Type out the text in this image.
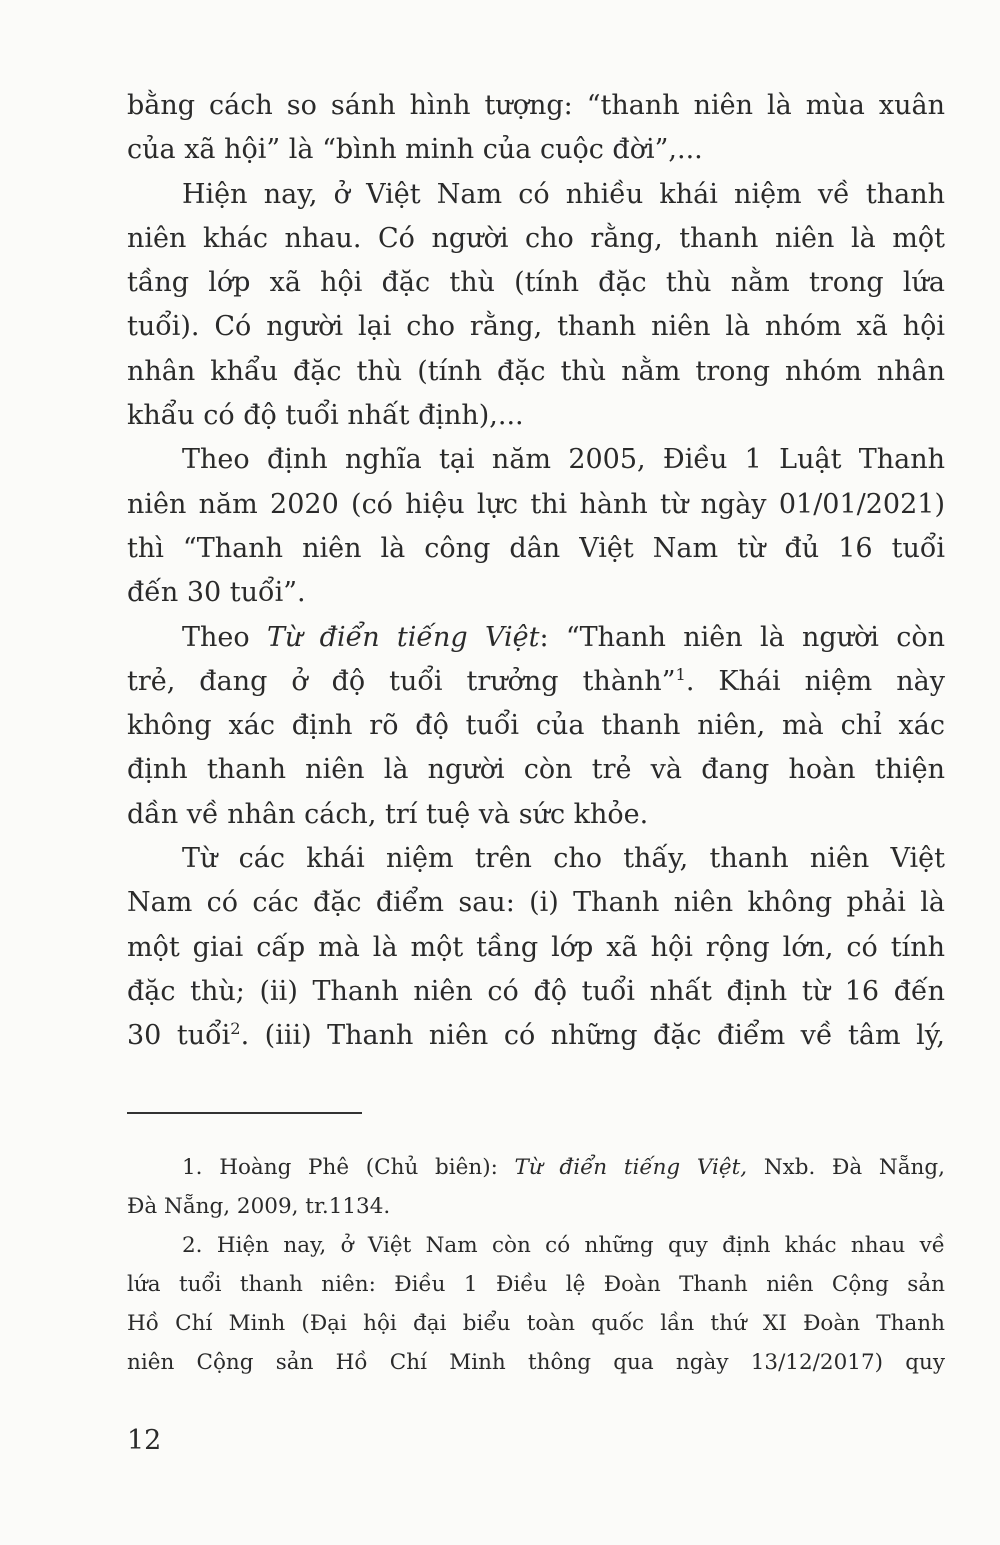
bằng cách so sánh hình tượng: “thanh niên là mùa xuân
của xã hội” là “bình minh của cuộc đời”,...
Hiện nay, ở Việt Nam có nhiều khái niệm về thanh
niên khác nhau. Có người cho rằng, thanh niên là một
tầng lớp xã hội đặc thù (tính đặc thù nằm trong lứa
tuổi). Có người lại cho rằng, thanh niên là nhóm xã hội
nhân khẩu đặc thù (tính đặc thù nằm trong nhóm nhân
khẩu có độ tuổi nhất định),...
Theo định nghĩa tại năm 2005, Điều 1 Luật Thanh
niên năm 2020 (có hiệu lực thi hành từ ngày 01/01/2021)
thì “Thanh niên là công dân Việt Nam từ đủ 16 tuổi
đến 30 tuổi”.
Theo Từ điển tiếng Việt: “Thanh niên là người còn
trẻ, đang ở độ tuổi trưởng thành”$^1$. Khái niệm này
không xác định rõ độ tuổi của thanh niên, mà chỉ xác
định thanh niên là người còn trẻ và đang hoàn thiện
dần về nhân cách, trí tuệ và sức khỏe.
Từ các khái niệm trên cho thấy, thanh niên Việt
Nam có các đặc điểm sau: (i) Thanh niên không phải là
một giai cấp mà là một tầng lớp xã hội rộng lớn, có tính
đặc thù; (ii) Thanh niên có độ tuổi nhất định từ 16 đến
30 tuổi$^2$. (iii) Thanh niên có những đặc điểm về tâm lý,
1. Hoàng Phê (Chủ biên): Từ điển tiếng Việt, Nxb. Đà Nẵng,
Đà Nẵng, 2009, tr.1134.
2. Hiện nay, ở Việt Nam còn có những quy định khác nhau về
lứa tuổi thanh niên: Điều 1 Điều lệ Đoàn Thanh niên Cộng sản
Hồ Chí Minh (Đại hội đại biểu toàn quốc lần thứ XI Đoàn Thanh
niên Cộng sản Hồ Chí Minh thông qua ngày 13/12/2017) quy
12
